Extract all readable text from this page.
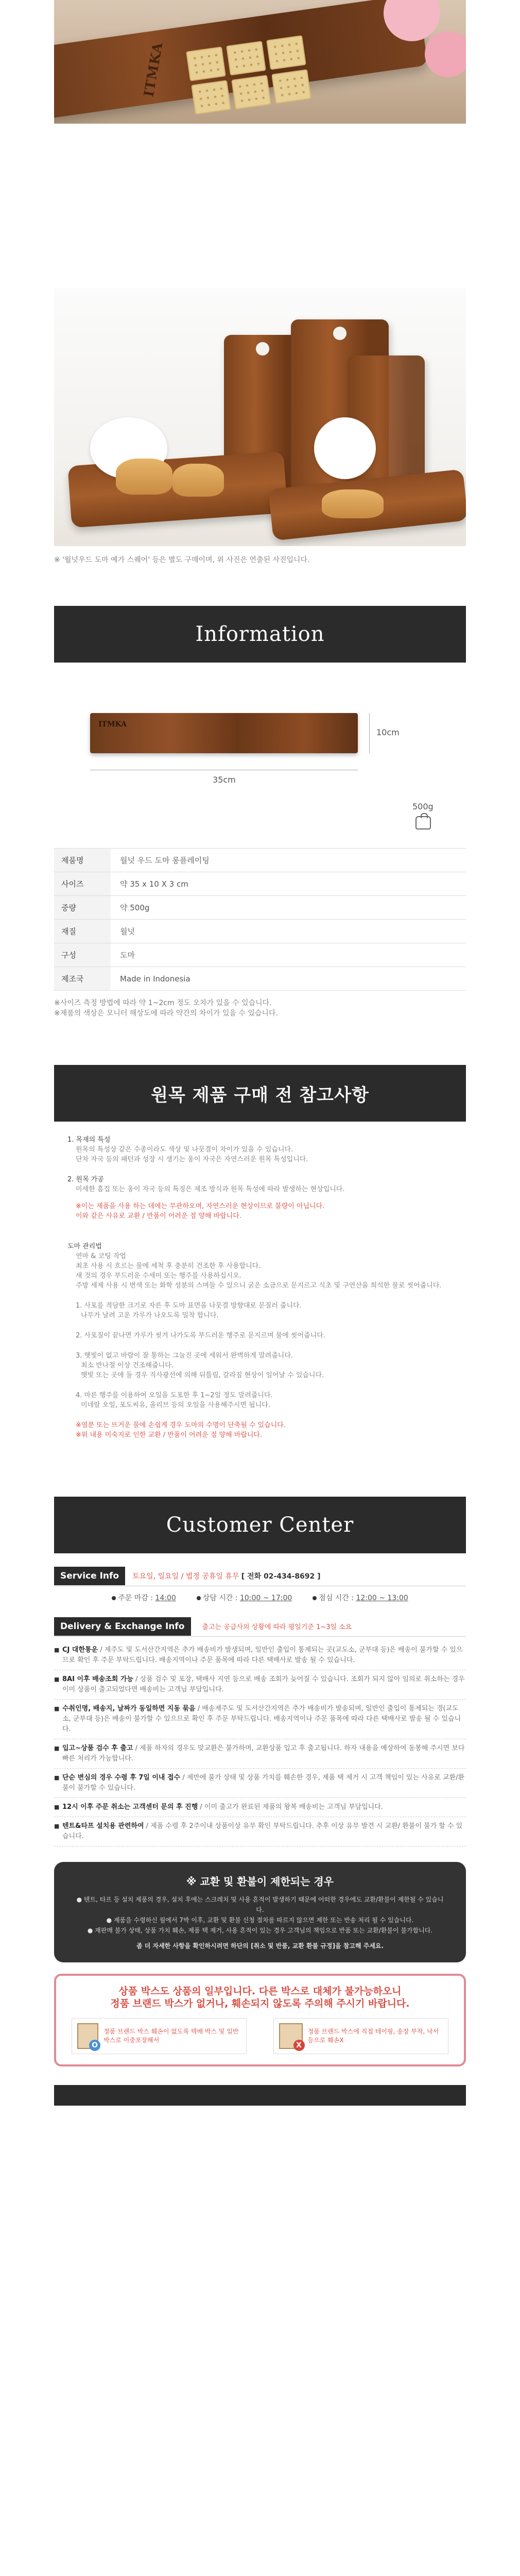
ITMKA
※ '월넛우드 도마 예가 스퀘어' 등은 별도 구매이며, 위 사진은 연출된 사진입니다.
Information
ITMKA
10cm
35cm
500g
제품명	월넛 우드 도마 롱플레이팅
사이즈	약 35 x 10 X 3 cm
중량	약 500g
재질	월넛
구성	도마
제조국	Made in Indonesia
※사이즈 측정 방법에 따라 약 1~2cm 정도 오차가 있을 수 있습니다.
※제품의 색상은 모니터 해상도에 따라 약간의 차이가 있을 수 있습니다.
원목 제품 구매 전 참고사항
1. 목재의 특성
원목의 특성상 같은 수종이라도 색상 및 나뭇결이 차이가 있을 수 있습니다.
단차 자국 등의 패턴과 성장 시 생기는 옹이 자국은 자연스러운 원목 특성입니다.
2. 원목 가공
미세한 흠집 또는 옹이 자국 등의 특징은 제조 방식과 원목 특성에 따라 발생하는 현상입니다.
※이는 제품을 사용 하는 데에는 무관하오며, 자연스러운 현상이므로 불량이 아닙니다.
이와 같은 사유로 교환 / 반품이 어려운 점 양해 바랍니다.
도마 관리법
연마 & 코팅 작업
최초 사용 시 흐르는 물에 세척 후 충분히 건조한 후 사용합니다.
새 것의 경우 부드러운 수세미 또는 행주를 사용하십시오.
주방 세제 사용 시 변색 또는 화학 성분의 스며들 수 있으니 굵은 소금으로 문지르고 식초 및 구연산을 희석한 물로 씻어줍니다.
1. 사포를 적당한 크기로 자른 후 도마 표면을 나뭇결 방향대로 문질러 줍니다.
나무가 날려 고운 가루가 나오도록 밀착 합니다.
2. 사포질이 끝나면 가루가 씻겨 나가도록 부드러운 행주로 문지르며 물에 씻어줍니다.
3. 햇빛이 없고 바람이 잘 통하는 그늘진 곳에 세워서 완벽하게 말려줍니다.
최소 반나절 이상 건조해줍니다.
햇빛 또는 곳에 둘 경우 직사광선에 의해 뒤틀림, 갈라짐 현상이 일어날 수 있습니다.
4. 마른 행주를 이용하여 오일을 도포한 후 1~2일 정도 말려줍니다.
미네랄 오일, 포도씨유, 올리브 등의 오일을 사용해주시면 됩니다.
※염분 또는 뜨거운 물에 손쉽게 경우 도마의 수명이 단축될 수 있습니다.
※위 내용 미숙지로 인한 교환 / 반품이 어려운 점 양해 바랍니다.
Customer Center
Service Info	토요일, 일요일 / 법정 공휴일 휴무 [ 전화 02-434-8692 ]
주문 마감 : 14:00	상담 시간 : 10:00 ~ 17:00	점심 시간 : 12:00 ~ 13:00
Delivery & Exchange Info	출고는 공급사의 상황에 따라 평일기준 1~3일 소요
■ CJ 대한통운 / 제주도 및 도서산간지역은 추가 배송비가 발생되며, 일반인 출입이 통제되는 곳(교도소, 군부대 등)은 배송이 불가할 수 있으므로 확인 후 주문 부탁드립니다. 배송지역이나 주문 품목에 따라 다른 택배사로 발송 될 수 있습니다.
■ 8AI 이후 배송조회 가능 / 상품 검수 및 포장, 택배사 지연 등으로 배송 조회가 늦어질 수 있습니다. 조회가 되지 않아 임의로 취소하는 경우 이미 상품이 출고되었다면 배송비는 고객님 부담입니다.
■ 수취인명, 배송지, 날짜가 동일하면 지동 묶음 / 배송제주도 및 도서산간지역은 추가 배송비가 발송되며, 일반인 출입이 통제되는 경(교도소, 군부대 등)은 배송이 불가할 수 있으므로 확인 후 주문 부탁드립니다. 배송지역이나 주문 품목에 따라 다른 택배사로 발송 될 수 있습니다.
■ 입고~상품 검수 후 출고 / 제품 하자의 경우도 맞교환은 불가하며, 교환상품 입고 후 출고됩니다. 하자 내용을 예상하여 동봉해 주시면 보다 빠른 처리가 가능합니다.
■ 단순 변심의 경우 수령 후 7일 이내 접수 / 제반에 불가 상태 및 상품 가치를 훼손한 경우, 제품 택 제거 시 고객 책임이 있는 사유로 교환/환불이 불가할 수 있습니다.
■ 12시 이후 주문 취소는 고객센터 문의 후 진행 / 이미 출고가 완료된 제품의 왕복 배송비는 고객님 부담입니다.
■ 텐트&타프 설치용 관련하여 / 제품 수령 후 2주이내 상품이상 유무 확인 부탁드립니다. 추후 이상 유무 발견 시 교환/ 환불이 불가 할 수 있습니다.
※ 교환 및 환불이 제한되는 경우

● 텐트, 타프 등 설치 제품의 경우, 설치 후에는 스크레치 및 사용 흔적이 발생하기 때문에 어떠한 경우에도 교환/환불이 제한될 수 있습니다.

● 제품을 수령하신 월에서 7박 이후, 교환 및 환불 신청 절차를 따르지 않으면 제한 또는 반송 처리 될 수 있습니다.

● 재판매 불가 상태, 상품 가치 훼손, 제품 택 제거, 사용 흔적이 있는 경우 고객님의 책임으로 반품 또는 교환/환불이 불가합니다.

좀 더 자세한 사항을 확인하시려면 하단의 [취소 및 반품, 교환 환불 규정]을 참고해 주세요.

상품 박스도 상품의 일부입니다. 다른 박스로 대체가 불가능하오니
정품 브랜드 박스가 없거나, 훼손되지 않도록 주의해 주시기 바랍니다.
O
정품 브랜드 박스 훼손이 없도록 택배 박스 및 일반 박스로 이중포장해서
X
정품 브랜드 박스에 직접 테이핑, 송장 부착, 낙서 등으로 훼손X
